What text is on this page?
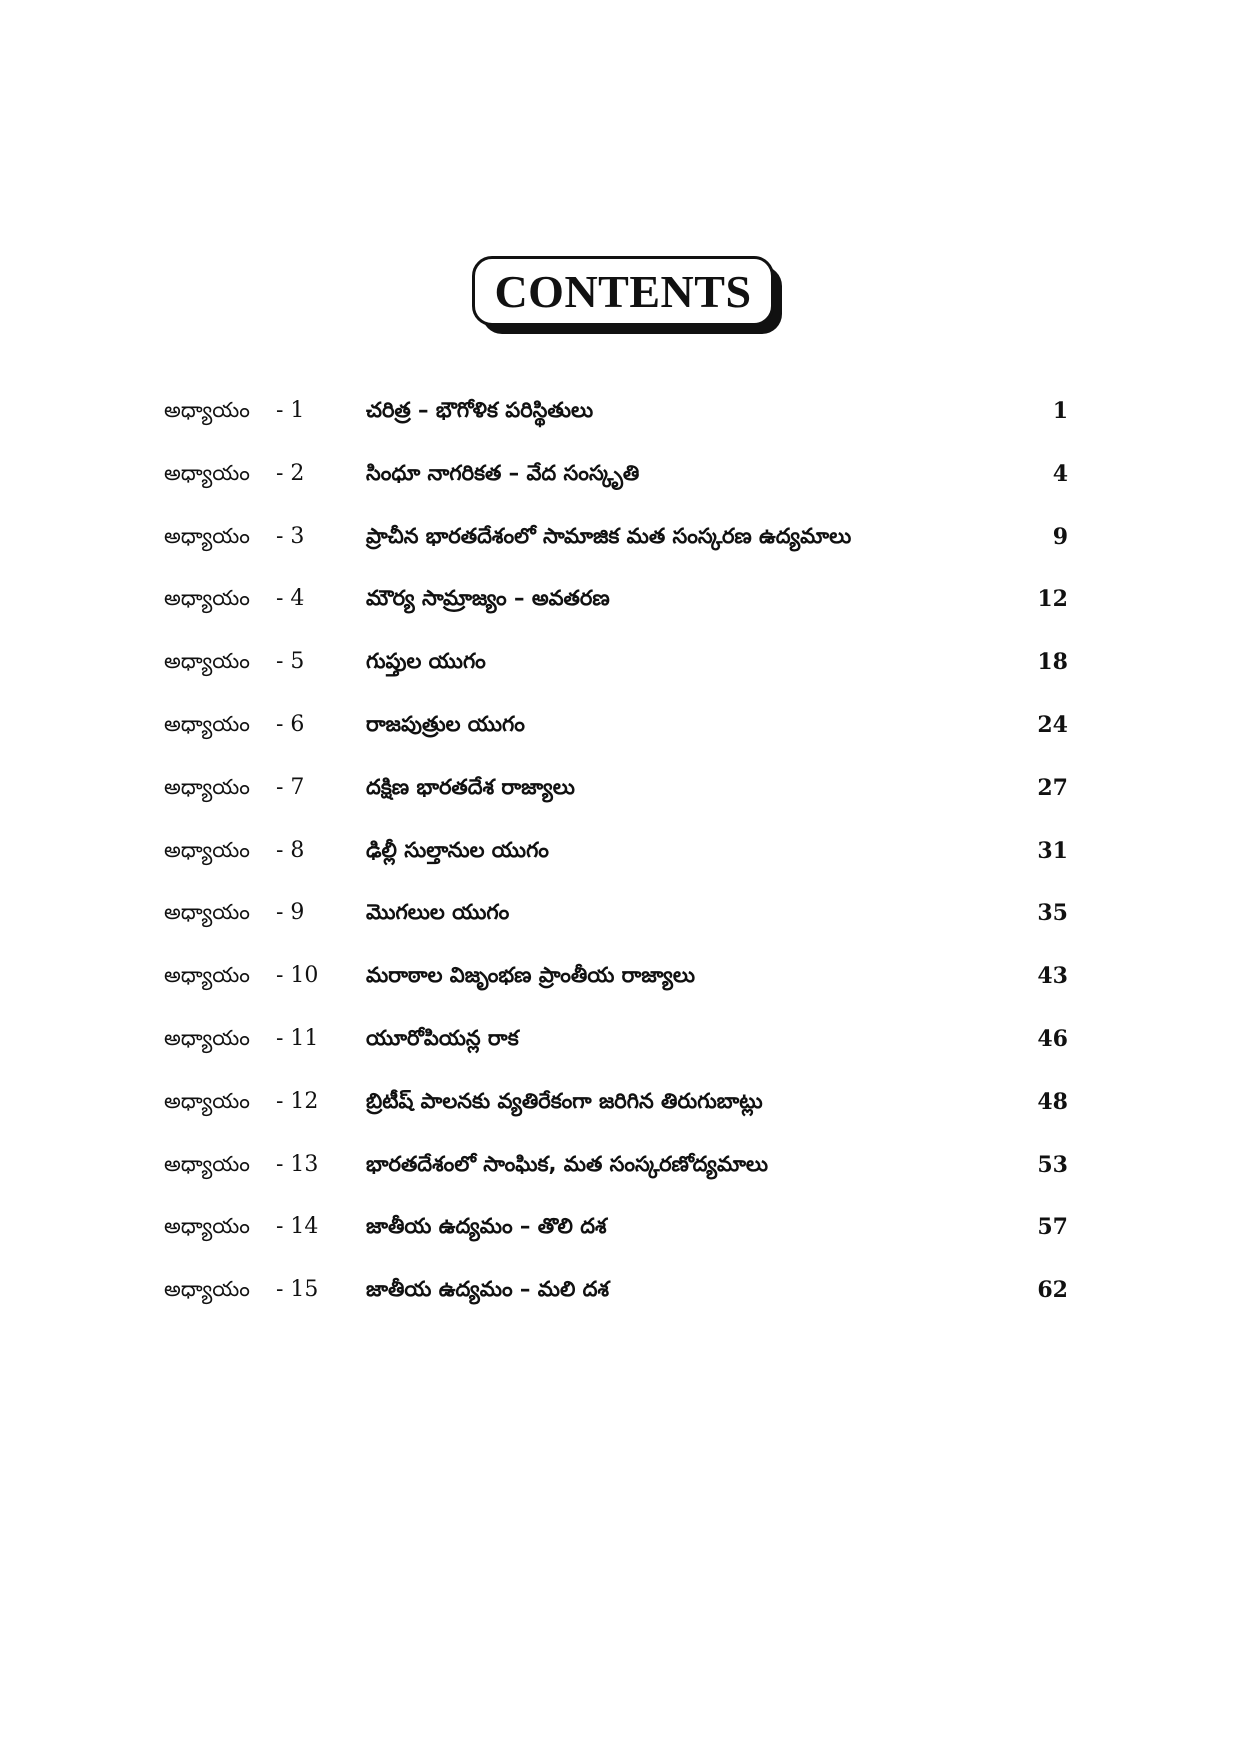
CONTENTS
అధ్యాయం - 1	చరిత్ర – భౌగోళిక పరిస్థితులు	1
అధ్యాయం - 2	సింధూ నాగరికత – వేద సంస్కృతి	4
అధ్యాయం - 3	ప్రాచీన భారతదేశంలో సామాజిక మత సంస్కరణ ఉద్యమాలు	9
అధ్యాయం - 4	మౌర్య సామ్రాజ్యం – అవతరణ	12
అధ్యాయం - 5	గుప్తుల యుగం	18
అధ్యాయం - 6	రాజపుత్రుల యుగం	24
అధ్యాయం - 7	దక్షిణ భారతదేశ రాజ్యాలు	27
అధ్యాయం - 8	ఢిల్లీ సుల్తానుల యుగం	31
అధ్యాయం - 9	మొగలుల యుగం	35
అధ్యాయం - 10 మరాఠాల విజృంభణ ప్రాంతీయ రాజ్యాలు	43
అధ్యాయం - 11 యూరోపియన్ల రాక	46
అధ్యాయం - 12 బ్రిటీష్ పాలనకు వ్యతిరేకంగా జరిగిన తిరుగుబాట్లు	48
అధ్యాయం - 13 భారతదేశంలో సాంఘిక, మత సంస్కరణోద్యమాలు	53
అధ్యాయం - 14 జాతీయ ఉద్యమం – తొలి దశ	57
అధ్యాయం - 15 జాతీయ ఉద్యమం – మలి దశ	62
